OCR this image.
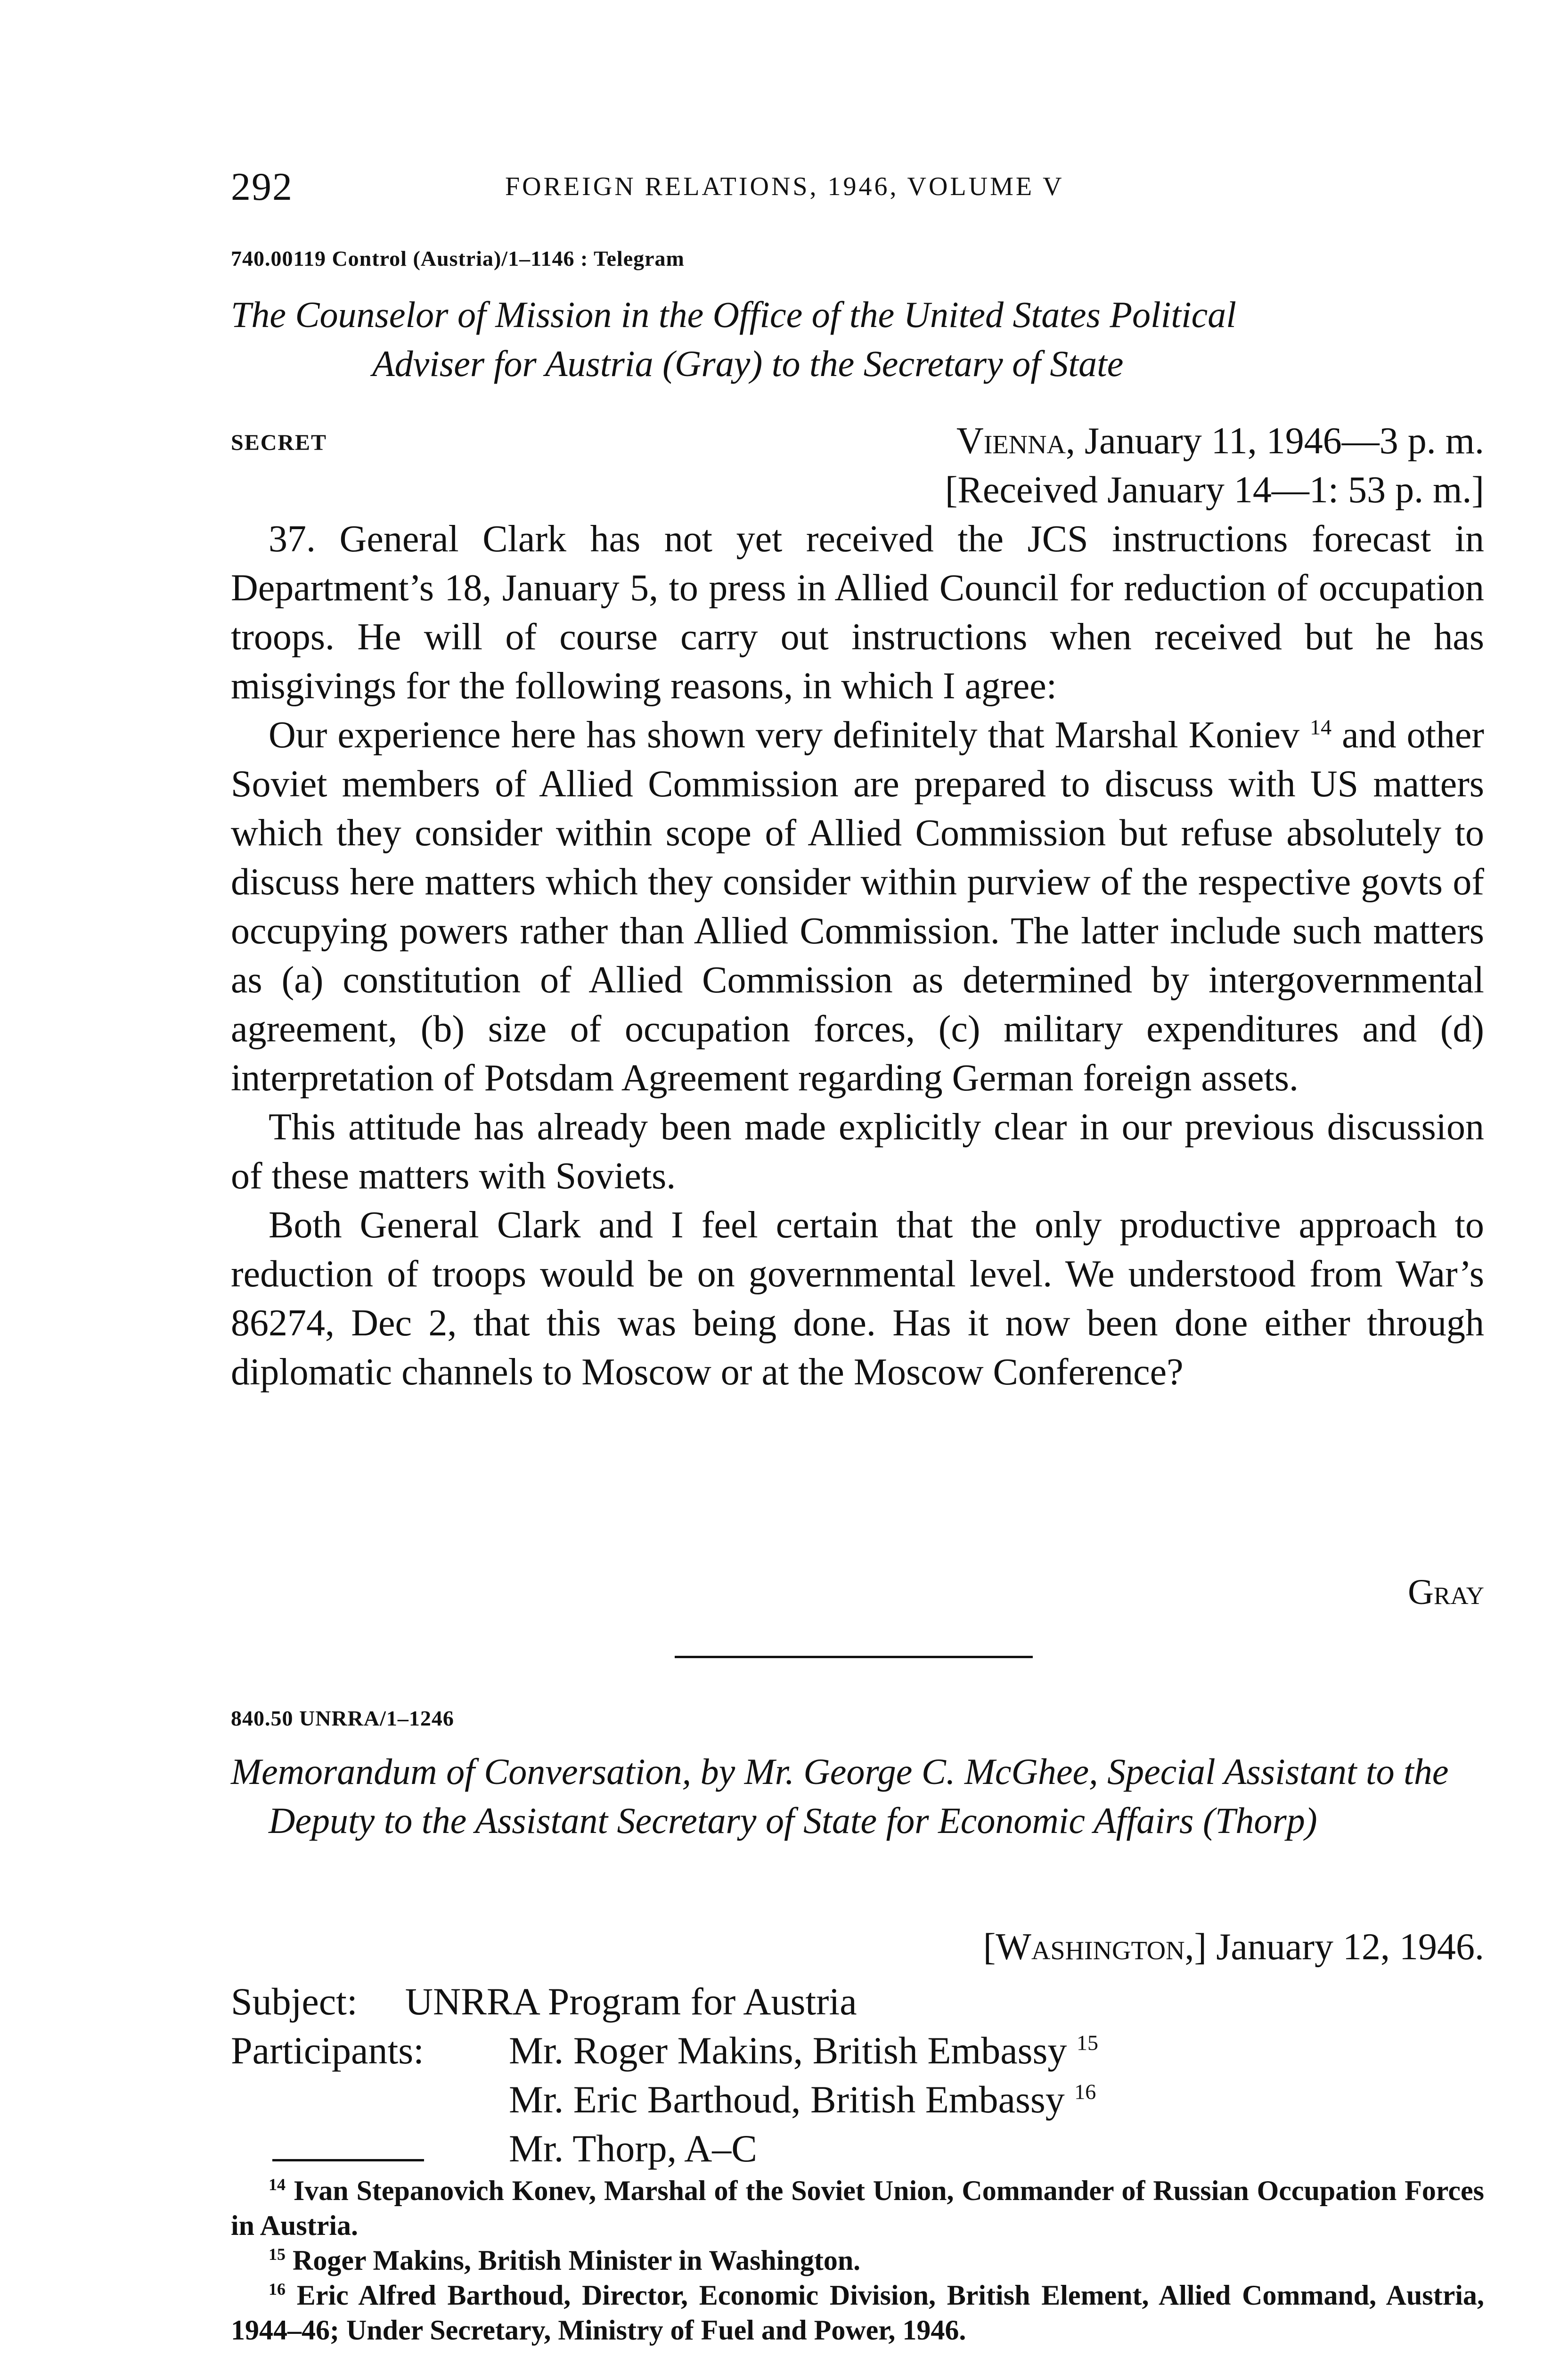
292	FOREIGN RELATIONS, 1946, VOLUME V
740.00119 Control (Austria)/1–1146 : Telegram
The Counselor of Mission in the Office of the United States Political
Adviser for Austria (Gray) to the Secretary of State
SECRET	Vienna, January 11, 1946—3 p. m.
[Received January 14—1: 53 p. m.]

37. General Clark has not yet received the JCS instructions forecast in Department’s 18, January 5, to press in Allied Council for reduction of occupation troops. He will of course carry out instructions when received but he has misgivings for the following reasons, in which I agree:

Our experience here has shown very definitely that Marshal Koniev $^{14}$ and other Soviet members of Allied Commission are prepared to discuss with US matters which they consider within scope of Allied Commission but refuse absolutely to discuss here matters which they consider within purview of the respective govts of occupying powers rather than Allied Commission. The latter include such matters as (a) constitution of Allied Commission as determined by intergovernmental agreement, (b) size of occupation forces, (c) military expenditures and (d) interpretation of Potsdam Agreement regarding German foreign assets.

This attitude has already been made explicitly clear in our previous discussion of these matters with Soviets.

Both General Clark and I feel certain that the only productive approach to reduction of troops would be on governmental level. We understood from War’s 86274, Dec 2, that this was being done. Has it now been done either through diplomatic channels to Moscow or at the Moscow Conference?

Gray
840.50 UNRRA/1–1246
Memorandum of Conversation, by Mr. George C. McGhee, Special Assistant to the Deputy to the Assistant Secretary of State for Economic Affairs (Thorp)
[Washington,] January 12, 1946.
Subject: UNRRA Program for Austria
Participants: Mr. Roger Makins, British Embassy $^{15}$
Mr. Eric Barthoud, British Embassy $^{16}$
Mr. Thorp, A–C

$^{14}$ Ivan Stepanovich Konev, Marshal of the Soviet Union, Commander of Russian Occupation Forces in Austria.

$^{15}$ Roger Makins, British Minister in Washington.

$^{16}$ Eric Alfred Barthoud, Director, Economic Division, British Element, Allied Command, Austria, 1944–46; Under Secretary, Ministry of Fuel and Power, 1946.
